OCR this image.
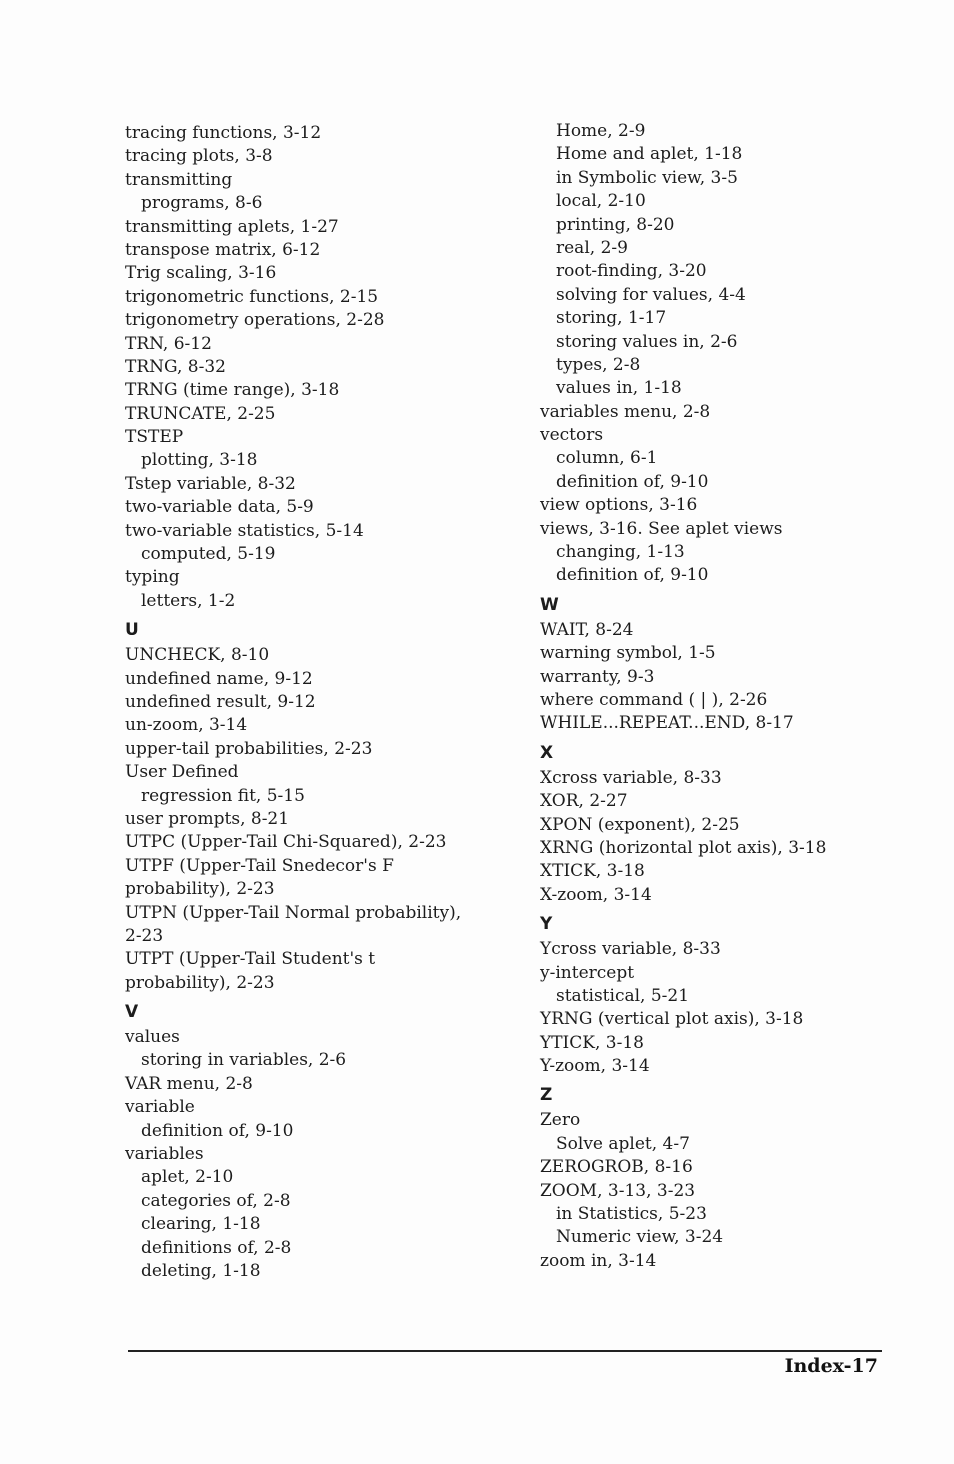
tracing functions, 3-12
tracing plots, 3-8
transmitting
programs, 8-6
transmitting aplets, 1-27
transpose matrix, 6-12
Trig scaling, 3-16
trigonometric functions, 2-15
trigonometry operations, 2-28
TRN, 6-12
TRNG, 8-32
TRNG (time range), 3-18
TRUNCATE, 2-25
TSTEP
plotting, 3-18
Tstep variable, 8-32
two-variable data, 5-9
two-variable statistics, 5-14
computed, 5-19
typing
letters, 1-2
U
UNCHECK, 8-10
undefined name, 9-12
undefined result, 9-12
un-zoom, 3-14
upper-tail probabilities, 2-23
User Defined
regression fit, 5-15
user prompts, 8-21
UTPC (Upper-Tail Chi-Squared), 2-23
UTPF (Upper-Tail Snedecor's F
probability), 2-23
UTPN (Upper-Tail Normal probability),
2-23
UTPT (Upper-Tail Student's t
probability), 2-23
V
values
storing in variables, 2-6
VAR menu, 2-8
variable
definition of, 9-10
variables
aplet, 2-10
categories of, 2-8
clearing, 1-18
definitions of, 2-8
deleting, 1-18
Home, 2-9
Home and aplet, 1-18
in Symbolic view, 3-5
local, 2-10
printing, 8-20
real, 2-9
root-finding, 3-20
solving for values, 4-4
storing, 1-17
storing values in, 2-6
types, 2-8
values in, 1-18
variables menu, 2-8
vectors
column, 6-1
definition of, 9-10
view options, 3-16
views, 3-16. See aplet views
changing, 1-13
definition of, 9-10
W
WAIT, 8-24
warning symbol, 1-5
warranty, 9-3
where command ( | ), 2-26
WHILE...REPEAT...END, 8-17
X
Xcross variable, 8-33
XOR, 2-27
XPON (exponent), 2-25
XRNG (horizontal plot axis), 3-18
XTICK, 3-18
X-zoom, 3-14
Y
Ycross variable, 8-33
y-intercept
statistical, 5-21
YRNG (vertical plot axis), 3-18
YTICK, 3-18
Y-zoom, 3-14
Z
Zero
Solve aplet, 4-7
ZEROGROB, 8-16
ZOOM, 3-13, 3-23
in Statistics, 5-23
Numeric view, 3-24
zoom in, 3-14
Index-17
